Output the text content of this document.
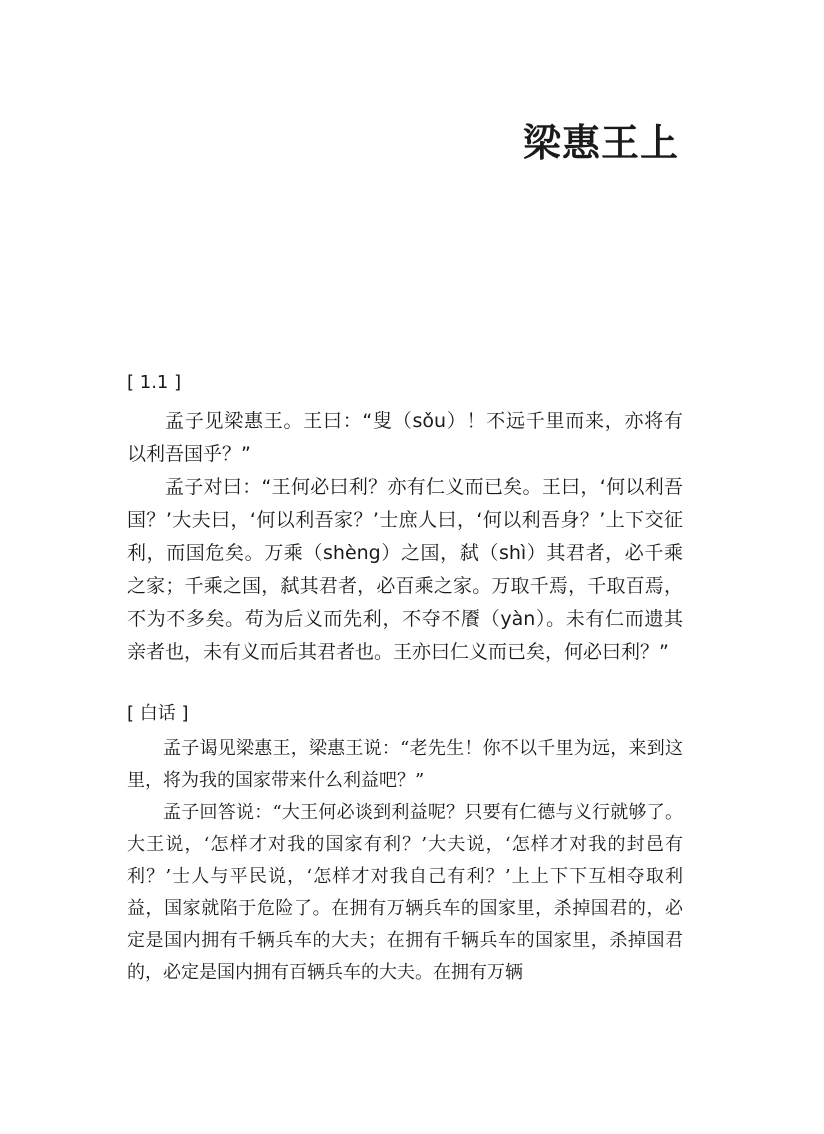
梁惠王上
[ 1.1 ]

孟子见梁惠王。王曰：“叟（sǒu）！不远千里而来，亦将有以利吾国乎？”

孟子对曰：“王何必曰利？亦有仁义而已矣。王曰，‘何以利吾国？’大夫曰，‘何以利吾家？’士庶人曰，‘何以利吾身？’上下交征利，而国危矣。万乘（shèng）之国，弑（shì）其君者，必千乘之家；千乘之国，弑其君者，必百乘之家。万取千焉，千取百焉，不为不多矣。苟为后义而先利，不夺不餍（yàn）。未有仁而遗其亲者也，未有义而后其君者也。王亦曰仁义而已矣，何必曰利？”

[ 白话 ]

孟子谒见梁惠王，梁惠王说：“老先生！你不以千里为远，来到这里，将为我的国家带来什么利益吧？”

孟子回答说：“大王何必谈到利益呢？只要有仁德与义行就够了。大王说，‘怎样才对我的国家有利？’大夫说，‘怎样才对我的封邑有利？’士人与平民说，‘怎样才对我自己有利？’上上下下互相夺取利益，国家就陷于危险了。在拥有万辆兵车的国家里，杀掉国君的，必定是国内拥有千辆兵车的大夫；在拥有千辆兵车的国家里，杀掉国君的，必定是国内拥有百辆兵车的大夫。在拥有万辆
